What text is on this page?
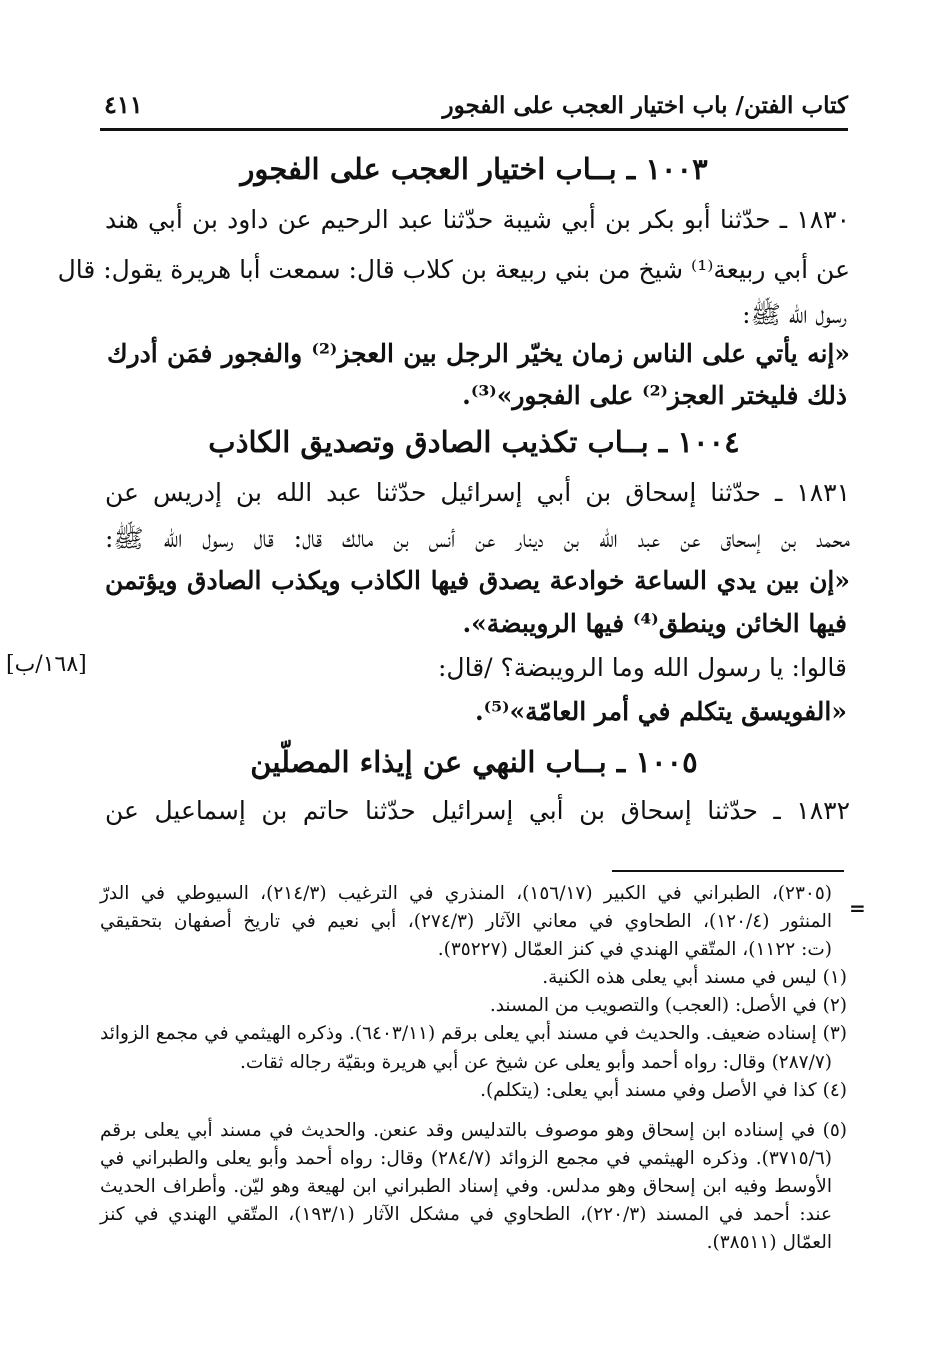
كتاب الفتن/ باب اختيار العجب على الفجور
٤١١
١٠٠٣ ـ بــاب اختيار العجب على الفجور
١٨٣٠ ـ حدّثنا أبو بكر بن أبي شيبة حدّثنا عبد الرحيم عن داود بن أبي هند
عن أبي ربيعة⁽¹⁾ شيخ من بني ربيعة بن كلاب قال: سمعت أبا هريرة يقول: قال
رسول الله ﷺ:
«إنه يأتي على الناس زمان يخيّر الرجل بين العجز⁽²⁾ والفجور فمَن أدرك
ذلك فليختر العجز⁽²⁾ على الفجور»⁽³⁾.
١٠٠٤ ـ بــاب تكذيب الصادق وتصديق الكاذب
١٨٣١ ـ حدّثنا إسحاق بن أبي إسرائيل حدّثنا عبد الله بن إدريس عن
محمد بن إسحاق عن عبد الله بن دينار عن أنس بن مالك قال: قال رسول الله ﷺ:
«إن بين يدي الساعة خوادعة يصدق فيها الكاذب ويكذب الصادق ويؤتمن
فيها الخائن وينطق⁽⁴⁾ فيها الرويبضة».
قالوا: يا رسول الله وما الرويبضة؟ /قال:
«الفويسق يتكلم في أمر العامّة»⁽⁵⁾.
[١٦٨/ب]
١٠٠٥ ـ بــاب النهي عن إيذاء المصلّين
١٨٣٢ ـ حدّثنا إسحاق بن أبي إسرائيل حدّثنا حاتم بن إسماعيل عن
=
(٢٣٠٥)، الطبراني في الكبير (١٥٦/١٧)، المنذري في الترغيب (٢١٤/٣)، السيوطي في الدرّ
المنثور (١٢٠/٤)، الطحاوي في معاني الآثار (٢٧٤/٣)، أبي نعيم في تاريخ أصفهان بتحقيقي
(ت: ١١٢٢)، المتّقي الهندي في كنز العمّال (٣٥٢٢٧).
(١) ليس في مسند أبي يعلى هذه الكنية.
(٢) في الأصل: (العجب) والتصويب من المسند.
(٣) إسناده ضعيف. والحديث في مسند أبي يعلى برقم (٦٤٠٣/١١). وذكره الهيثمي في مجمع الزوائد
(٢٨٧/٧) وقال: رواه أحمد وأبو يعلى عن شيخ عن أبي هريرة وبقيّة رجاله ثقات.
(٤) كذا في الأصل وفي مسند أبي يعلى: (يتكلم).
(٥) في إسناده ابن إسحاق وهو موصوف بالتدليس وقد عنعن. والحديث في مسند أبي يعلى برقم
(٣٧١٥/٦). وذكره الهيثمي في مجمع الزوائد (٢٨٤/٧) وقال: رواه أحمد وأبو يعلى والطبراني في
الأوسط وفيه ابن إسحاق وهو مدلس. وفي إسناد الطبراني ابن لهيعة وهو ليّن. وأطراف الحديث
عند: أحمد في المسند (٢٢٠/٣)، الطحاوي في مشكل الآثار (١٩٣/١)، المتّقي الهندي في كنز
العمّال (٣٨٥١١).
